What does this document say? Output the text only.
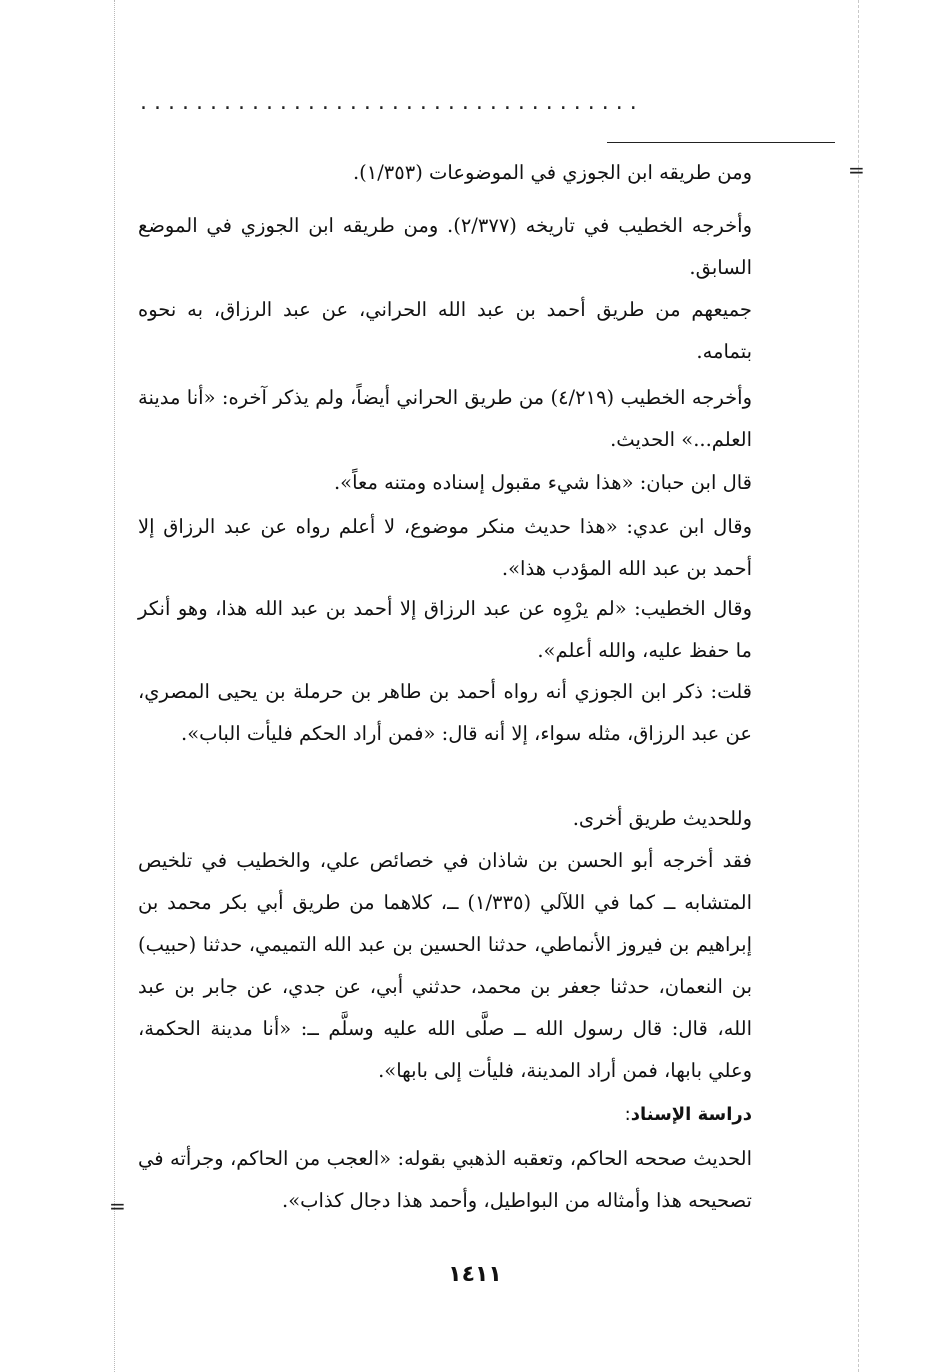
....................................
=

ومن طريقه ابن الجوزي في الموضوعات (١/٣٥٣).

وأخرجه الخطيب في تاريخه (٢/٣٧٧). ومن طريقه ابن الجوزي في الموضع السابق.

جميعهم من طريق أحمد بن عبد الله الحراني، عن عبد الرزاق، به نحوه بتمامه.

وأخرجه الخطيب (٤/٢١٩) من طريق الحراني أيضاً، ولم يذكر آخره: «أنا مدينة العلم...» الحديث.

قال ابن حبان: «هذا شيء مقبول إسناده ومتنه معاً».

وقال ابن عدي: «هذا حديث منكر موضوع، لا أعلم رواه عن عبد الرزاق إلا أحمد بن عبد الله المؤدب هذا».

وقال الخطيب: «لم يرْوِه عن عبد الرزاق إلا أحمد بن عبد الله هذا، وهو أنكر ما حفظ عليه، والله أعلم».

قلت: ذكر ابن الجوزي أنه رواه أحمد بن طاهر بن حرملة بن يحيى المصري، عن عبد الرزاق، مثله سواء، إلا أنه قال: «فمن أراد الحكم فليأت الباب».

وللحديث طريق أخرى.

فقد أخرجه أبو الحسن بن شاذان في خصائص علي، والخطيب في تلخيص المتشابه ــ كما في اللآلي (١/٣٣٥) ــ، كلاهما من طريق أبي بكر محمد بن إبراهيم بن فيروز الأنماطي، حدثنا الحسين بن عبد الله التميمي، حدثنا (حبيب) بن النعمان، حدثنا جعفر بن محمد، حدثني أبي، عن جدي، عن جابر بن عبد الله، قال: قال رسول الله ــ صلَّى الله عليه وسلَّم ــ: «أنا مدينة الحكمة، وعلي بابها، فمن أراد المدينة، فليأت إلى بابها».

دراسة الإسناد:

الحديث صححه الحاكم، وتعقبه الذهبي بقوله: «العجب من الحاكم، وجرأته في تصحيحه هذا وأمثاله من البواطيل، وأحمد هذا دجال كذاب».

=
١٤١١
